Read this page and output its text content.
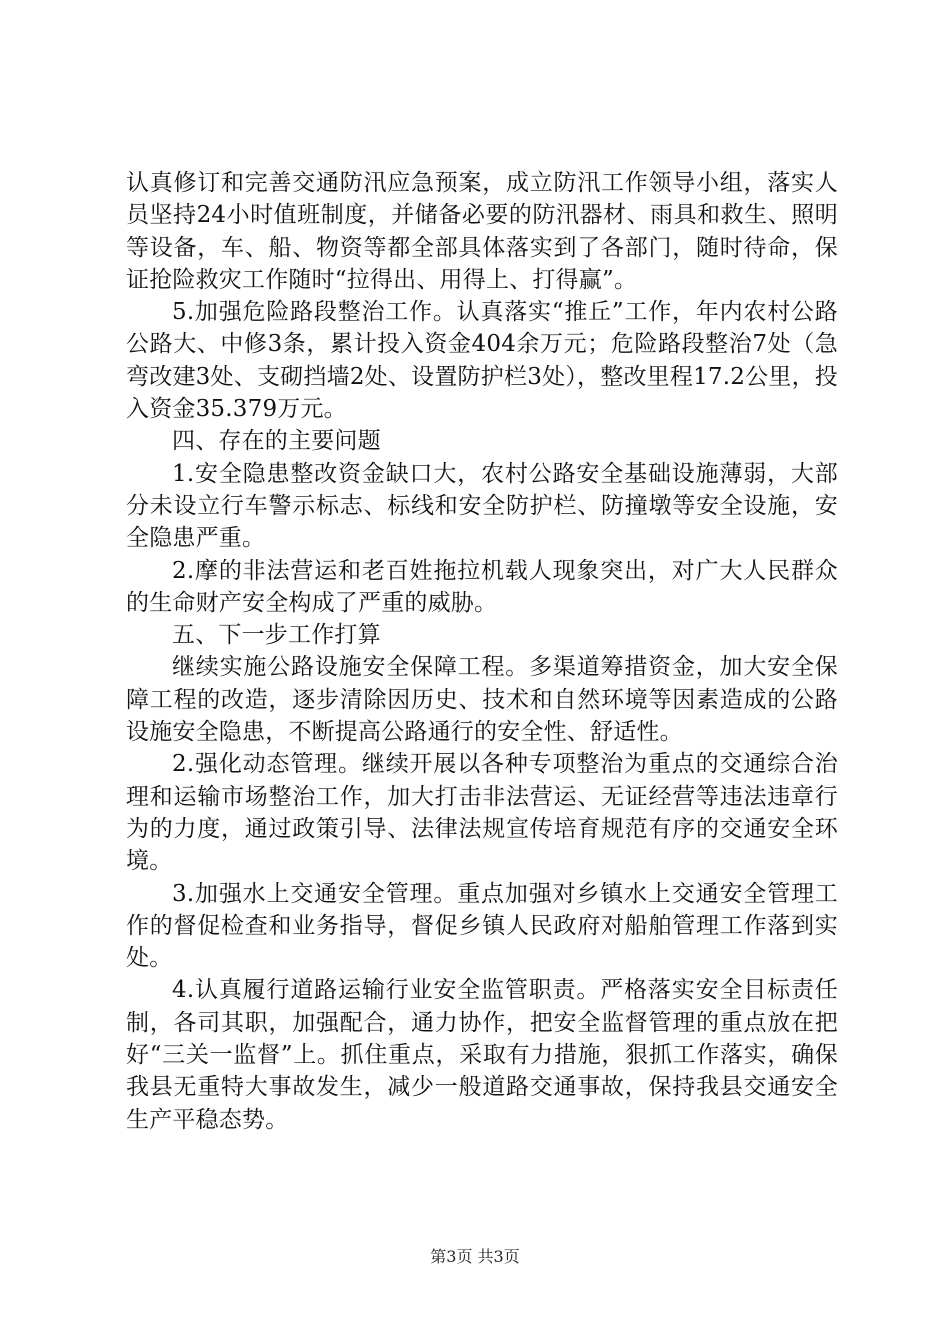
认真修订和完善交通防汛应急预案，成立防汛工作领导小组，落实人员坚持24小时值班制度，并储备必要的防汛器材、雨具和救生、照明等设备，车、船、物资等都全部具体落实到了各部门，随时待命，保证抢险救灾工作随时“拉得出、用得上、打得赢”。

5.加强危险路段整治工作。认真落实“推丘”工作，年内农村公路公路大、中修3条，累计投入资金404余万元；危险路段整治7处（急弯改建3处、支砌挡墙2处、设置防护栏3处），整改里程17.2公里，投入资金35.379万元。

四、存在的主要问题

1.安全隐患整改资金缺口大，农村公路安全基础设施薄弱，大部分未设立行车警示标志、标线和安全防护栏、防撞墩等安全设施，安全隐患严重。

2.摩的非法营运和老百姓拖拉机载人现象突出，对广大人民群众的生命财产安全构成了严重的威胁。

五、下一步工作打算

继续实施公路设施安全保障工程。多渠道筹措资金，加大安全保障工程的改造，逐步清除因历史、技术和自然环境等因素造成的公路设施安全隐患，不断提高公路通行的安全性、舒适性。

2.强化动态管理。继续开展以各种专项整治为重点的交通综合治理和运输市场整治工作，加大打击非法营运、无证经营等违法违章行为的力度，通过政策引导、法律法规宣传培育规范有序的交通安全环境。

3.加强水上交通安全管理。重点加强对乡镇水上交通安全管理工作的督促检查和业务指导，督促乡镇人民政府对船舶管理工作落到实处。

4.认真履行道路运输行业安全监管职责。严格落实安全目标责任制，各司其职，加强配合，通力协作，把安全监督管理的重点放在把好“三关一监督”上。抓住重点，采取有力措施，狠抓工作落实，确保我县无重特大事故发生，减少一般道路交通事故，保持我县交通安全生产平稳态势。

第3页 共3页
